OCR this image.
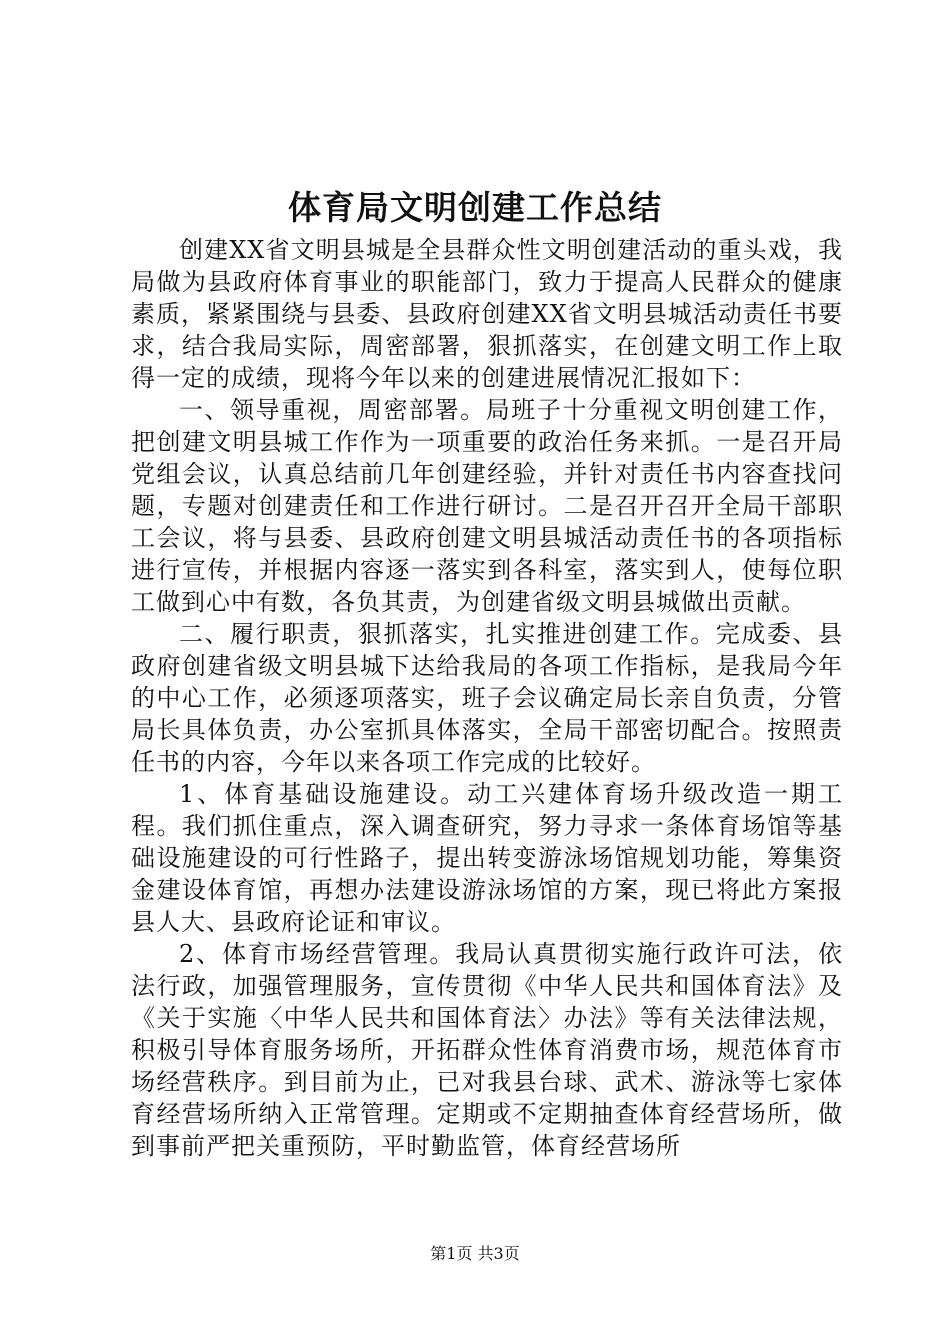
体育局文明创建工作总结

创建XX省文明县城是全县群众性文明创建活动的重头戏，我局做为县政府体育事业的职能部门，致力于提高人民群众的健康素质，紧紧围绕与县委、县政府创建XX省文明县城活动责任书要求，结合我局实际，周密部署，狠抓落实，在创建文明工作上取得一定的成绩，现将今年以来的创建进展情况汇报如下：

一、领导重视，周密部署。局班子十分重视文明创建工作，把创建文明县城工作作为一项重要的政治任务来抓。一是召开局党组会议，认真总结前几年创建经验，并针对责任书内容查找问题，专题对创建责任和工作进行研讨。二是召开召开全局干部职工会议，将与县委、县政府创建文明县城活动责任书的各项指标进行宣传，并根据内容逐一落实到各科室，落实到人，使每位职工做到心中有数，各负其责，为创建省级文明县城做出贡献。

二、履行职责，狠抓落实，扎实推进创建工作。完成委、县政府创建省级文明县城下达给我局的各项工作指标，是我局今年的中心工作，必须逐项落实，班子会议确定局长亲自负责，分管局长具体负责，办公室抓具体落实，全局干部密切配合。按照责任书的内容，今年以来各项工作完成的比较好。

1、体育基础设施建设。动工兴建体育场升级改造一期工程。我们抓住重点，深入调查研究，努力寻求一条体育场馆等基础设施建设的可行性路子，提出转变游泳场馆规划功能，筹集资金建设体育馆，再想办法建设游泳场馆的方案，现已将此方案报县人大、县政府论证和审议。

2、体育市场经营管理。我局认真贯彻实施行政许可法，依法行政，加强管理服务，宣传贯彻《中华人民共和国体育法》及《关于实施〈中华人民共和国体育法〉办法》等有关法律法规，积极引导体育服务场所，开拓群众性体育消费市场，规范体育市场经营秩序。到目前为止，已对我县台球、武术、游泳等七家体育经营场所纳入正常管理。定期或不定期抽查体育经营场所，做到事前严把关重预防，平时勤监管，体育经营场所

第1页 共3页
